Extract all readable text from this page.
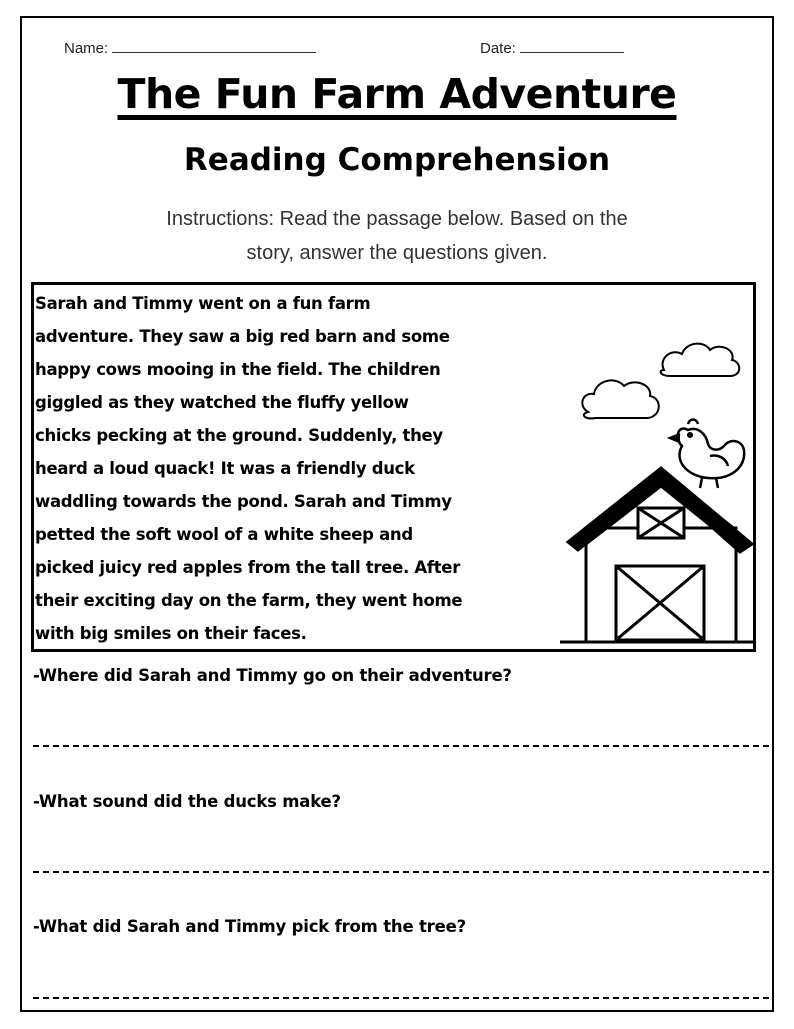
Name:	Date:
The Fun Farm Adventure
Reading Comprehension
Instructions: Read the passage below. Based on the
story, answer the questions given.
Sarah and Timmy went on a fun farm
adventure. They saw a big red barn and some
happy cows mooing in the field. The children
giggled as they watched the fluffy yellow
chicks pecking at the ground. Suddenly, they
heard a loud quack! It was a friendly duck
waddling towards the pond. Sarah and Timmy
petted the soft wool of a white sheep and
picked juicy red apples from the tall tree. After
their exciting day on the farm, they went home
with big smiles on their faces.
-Where did Sarah and Timmy go on their adventure?
-What sound did the ducks make?
-What did Sarah and Timmy pick from the tree?
